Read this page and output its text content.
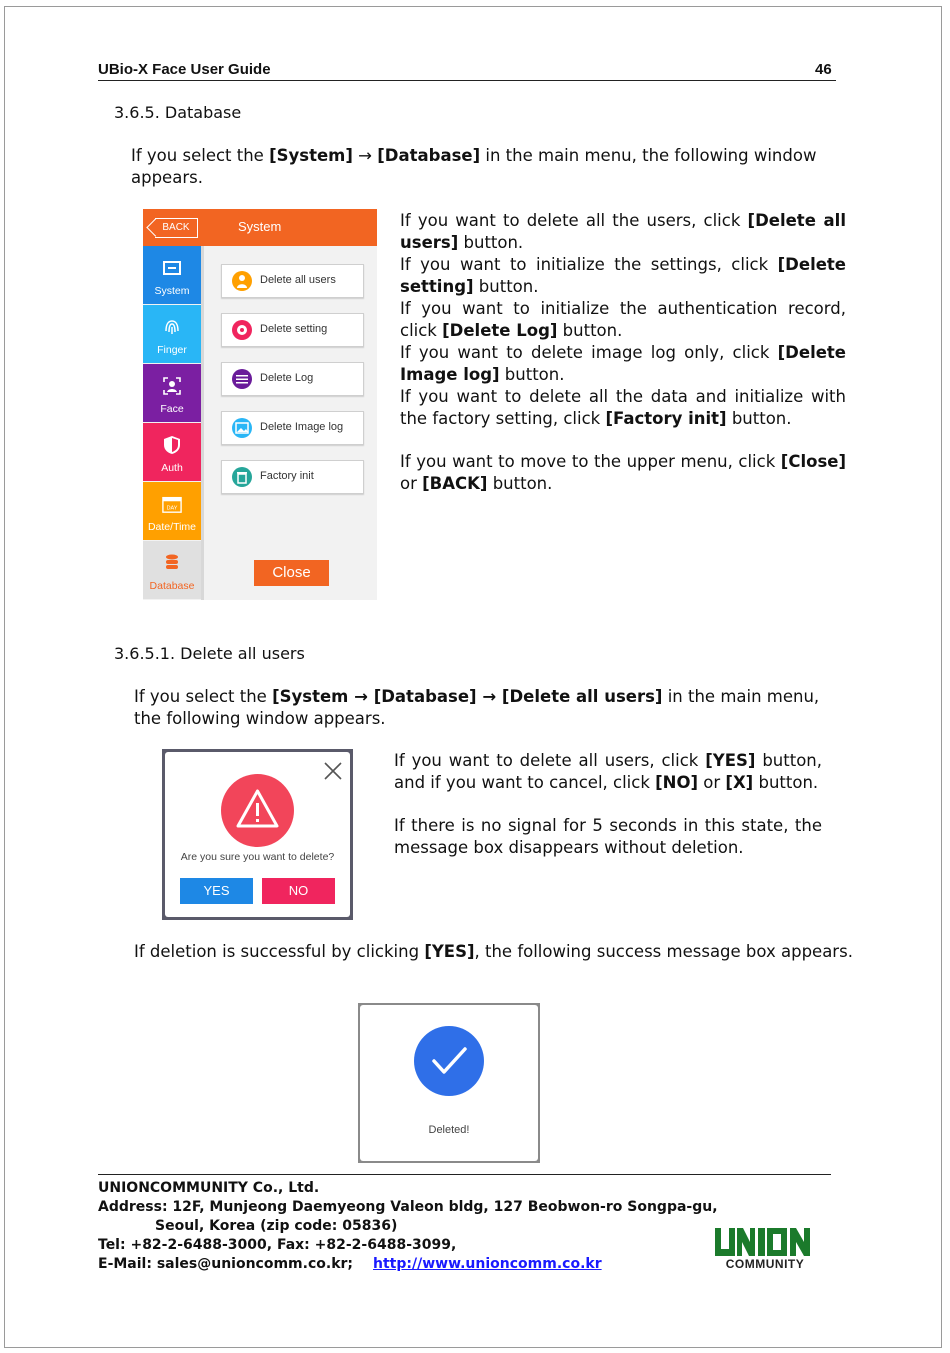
UBio-X Face User Guide	46
3.6.5. Database
If you select the [System] → [Database] in the main menu, the following window appears.
BACK	System
System
Finger
Face
Auth
DAY
Date/Time
Database
Delete all users
Delete setting
Delete Log
Delete Image log
Factory init
Close

If you want to delete all the users, click [Delete all users] button.

If you want to initialize the settings, click [Delete setting] button.

If you want to initialize the authentication record, click [Delete Log] button.

If you want to delete image log only, click [Delete Image log] button.

If you want to delete all the data and initialize with the factory setting, click [Factory init] button.

If you want to move to the upper menu, click [Close] or [BACK] button.

3.6.5.1. Delete all users
If you select the [System → [Database] → [Delete all users] in the main menu, the following window appears.
Are you sure you want to delete?
YES	NO

If you want to delete all users, click [YES] button, and if you want to cancel, click [NO] or [X] button.

If there is no signal for 5 seconds in this state, the message box disappears without deletion.

If deletion is successful by clicking [YES], the following success message box appears.
Deleted!
UNIONCOMMUNITY Co., Ltd.
Address: 12F, Munjeong Daemyeong Valeon bldg, 127 Beobwon-ro Songpa-gu,
Seoul, Korea (zip code: 05836)
Tel: +82-2-6488-3000, Fax: +82-2-6488-3099,
E-Mail: sales@unioncomm.co.kr; http://www.unioncomm.co.kr	COMMUNITY
